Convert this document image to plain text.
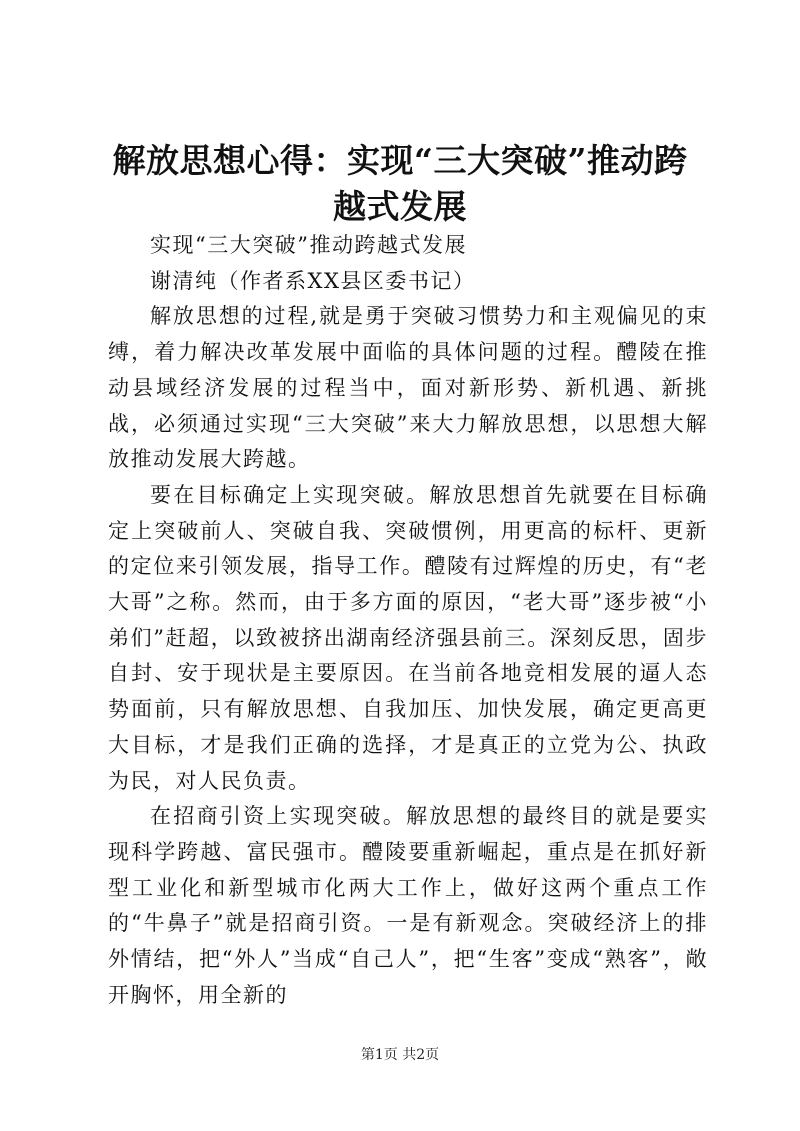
解放思想心得：实现“三大突破”推动跨越式发展

实现“三大突破”推动跨越式发展

谢清纯（作者系XX县区委书记）

解放思想的过程,就是勇于突破习惯势力和主观偏见的束缚，着力解决改革发展中面临的具体问题的过程。醴陵在推动县域经济发展的过程当中，面对新形势、新机遇、新挑战，必须通过实现“三大突破”来大力解放思想，以思想大解放推动发展大跨越。

要在目标确定上实现突破。解放思想首先就要在目标确定上突破前人、突破自我、突破惯例，用更高的标杆、更新的定位来引领发展，指导工作。醴陵有过辉煌的历史，有“老大哥”之称。然而，由于多方面的原因，“老大哥”逐步被“小弟们”赶超，以致被挤出湖南经济强县前三。深刻反思，固步自封、安于现状是主要原因。在当前各地竞相发展的逼人态势面前，只有解放思想、自我加压、加快发展，确定更高更大目标，才是我们正确的选择，才是真正的立党为公、执政为民，对人民负责。

在招商引资上实现突破。解放思想的最终目的就是要实现科学跨越、富民强市。醴陵要重新崛起，重点是在抓好新型工业化和新型城市化两大工作上，做好这两个重点工作的“牛鼻子”就是招商引资。一是有新观念。突破经济上的排外情结，把“外人”当成“自己人”，把“生客”变成“熟客”，敞开胸怀，用全新的

第1页 共2页
